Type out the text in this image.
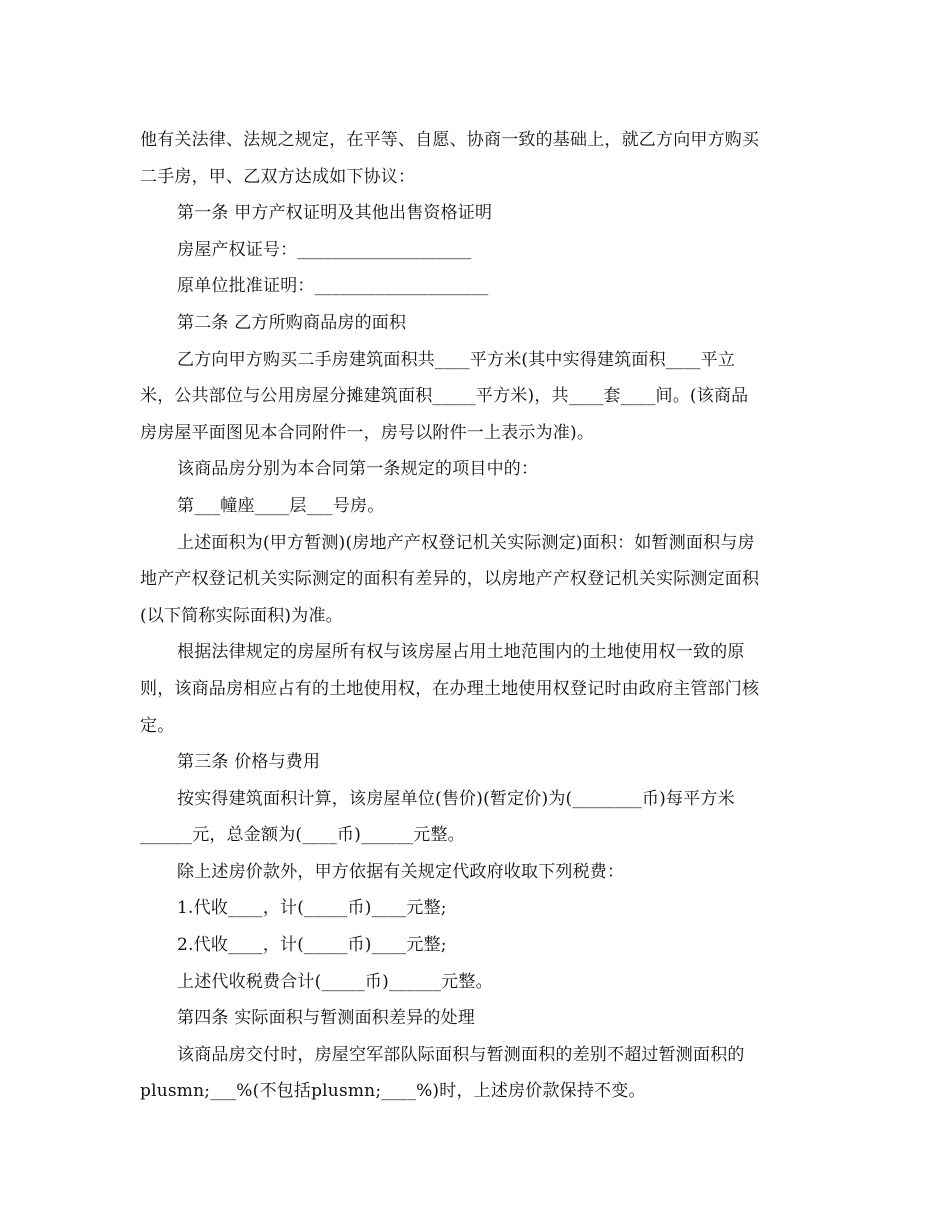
他有关法律、法规之规定，在平等、自愿、协商一致的基础上，就乙方向甲方购买
二手房，甲、乙双方达成如下协议：
第一条 甲方产权证明及其他出售资格证明
房屋产权证号：____________________
原单位批准证明：____________________
第二条 乙方所购商品房的面积
乙方向甲方购买二手房建筑面积共____平方米(其中实得建筑面积____平立
米，公共部位与公用房屋分摊建筑面积_____平方米)，共____套____间。(该商品
房房屋平面图见本合同附件一，房号以附件一上表示为准)。
该商品房分别为本合同第一条规定的项目中的：
第___幢座____层___号房。
上述面积为(甲方暂测)(房地产产权登记机关实际测定)面积：如暂测面积与房
地产产权登记机关实际测定的面积有差异的，以房地产产权登记机关实际测定面积
(以下简称实际面积)为准。
根据法律规定的房屋所有权与该房屋占用土地范围内的土地使用权一致的原
则，该商品房相应占有的土地使用权，在办理土地使用权登记时由政府主管部门核
定。
第三条 价格与费用
按实得建筑面积计算，该房屋单位(售价)(暂定价)为(________币)每平方米
______元，总金额为(____币)______元整。
除上述房价款外，甲方依据有关规定代政府收取下列税费：
1.代收____，计(_____币)____元整;
2.代收____，计(_____币)____元整;
上述代收税费合计(_____币)______元整。
第四条 实际面积与暂测面积差异的处理
该商品房交付时，房屋空军部队际面积与暂测面积的差别不超过暂测面积的
plusmn;___%(不包括plusmn;____%)时，上述房价款保持不变。
